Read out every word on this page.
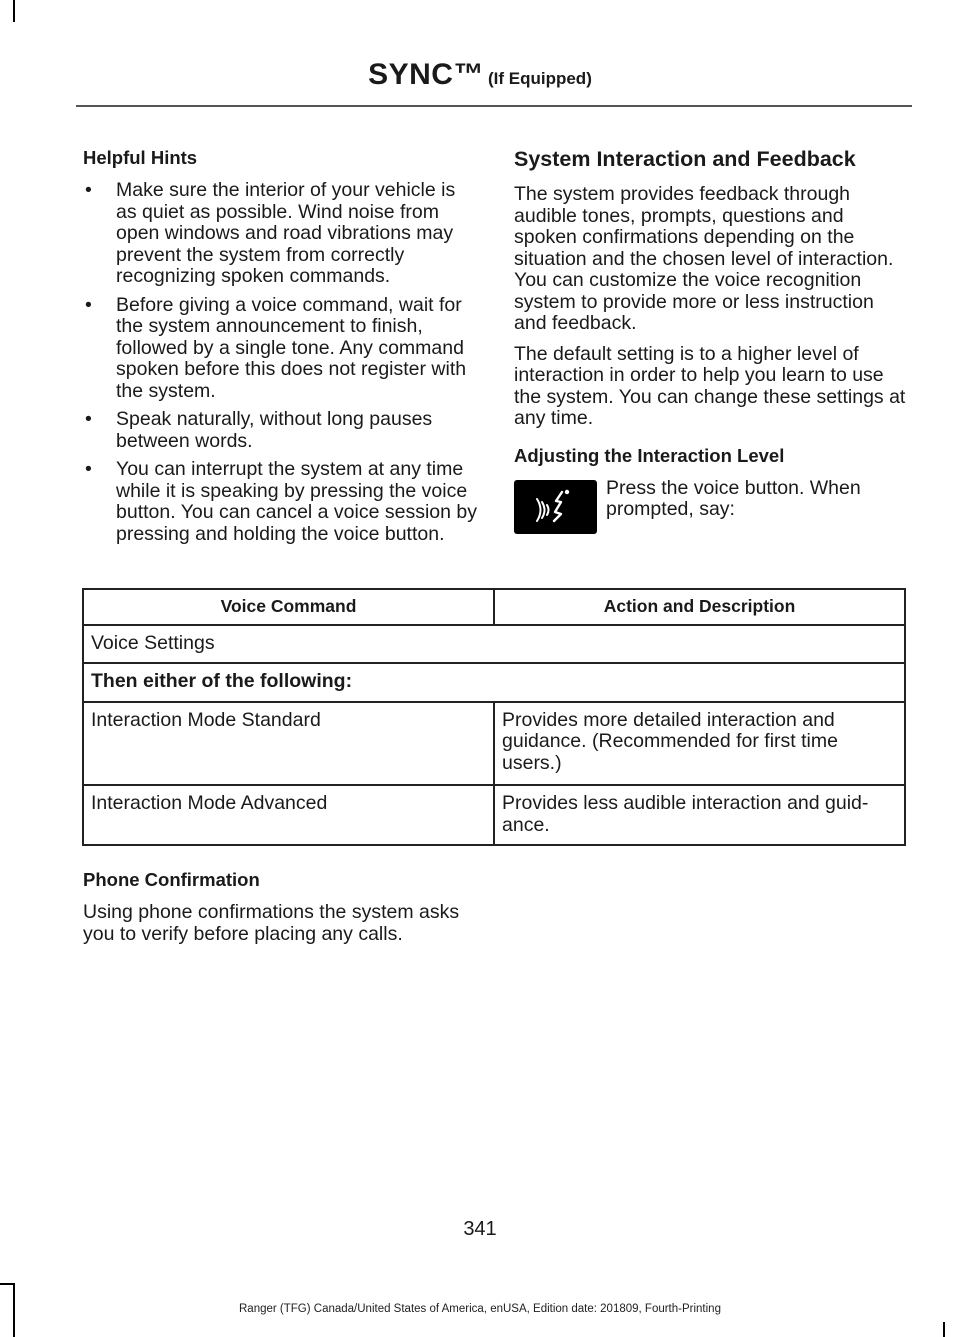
SYNC™ (If Equipped)
Helpful Hints
• Make sure the interior of your vehicle is as quiet as possible. Wind noise from open windows and road vibrations may prevent the system from correctly recognizing spoken commands.
• Before giving a voice command, wait for the system announcement to finish, followed by a single tone. Any command spoken before this does not register with the system.
• Speak naturally, without long pauses between words.
• You can interrupt the system at any time while it is speaking by pressing the voice button. You can cancel a voice session by pressing and holding the voice button.
System Interaction and Feedback

The system provides feedback through audible tones, prompts, questions and spoken confirmations depending on the situation and the chosen level of interaction. You can customize the voice recognition system to provide more or less instruction and feedback.

The default setting is to a higher level of interaction in order to help you learn to use the system. You can change these settings at any time.

Adjusting the Interaction Level

Press the voice button. When prompted, say:

Voice Command	Action and Description
Voice Settings	
Then either of the following:	
Interaction Mode Standard	Provides more detailed interaction and guidance. (Recommended for first time users.)
Interaction Mode Advanced	Provides less audible interaction and guid-ance.
Phone Confirmation

Using phone confirmations the system asks you to verify before placing any calls.

341
Ranger (TFG) Canada/United States of America, enUSA, Edition date: 201809, Fourth-Printing
